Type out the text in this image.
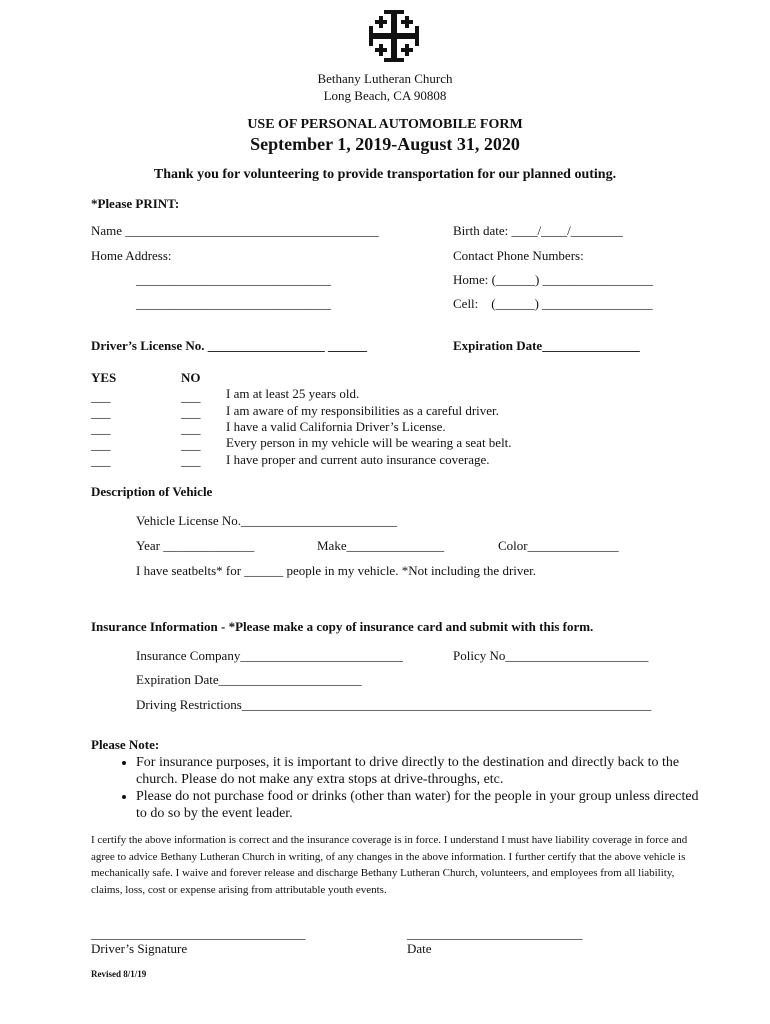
Bethany Lutheran Church
Long Beach, CA 90808
USE OF PERSONAL AUTOMOBILE FORM
September 1, 2019-August 31, 2020
Thank you for volunteering to provide transportation for our planned outing.
*Please PRINT:
Name _______________________________________	Birth date: ____/____/________
Home Address:	Contact Phone Numbers:
______________________________	Home: (______) _________________
______________________________	Cell:    (______) _________________
Driver’s License No. __________________ ______	Expiration Date_______________
YES	NO
___	___ I am at least 25 years old.
___	___ I am aware of my responsibilities as a careful driver.
___	___ I have a valid California Driver’s License.
___	___ Every person in my vehicle will be wearing a seat belt.
___	___ I have proper and current auto insurance coverage.
Description of Vehicle
Vehicle License No.________________________
Year ______________	Make_______________	Color______________
I have seatbelts* for ______ people in my vehicle. *Not including the driver.
Insurance Information - *Please make a copy of insurance card and submit with this form.
Insurance Company_________________________	Policy No______________________
Expiration Date______________________
Driving Restrictions_______________________________________________________________
Please Note:
• For insurance purposes, it is important to drive directly to the destination and directly back to the church. Please do not make any extra stops at drive-throughs, etc.
• Please do not purchase food or drinks (other than water) for the people in your group unless directed to do so by the event leader.
I certify the above information is correct and the insurance coverage is in force. I understand I must have liability coverage in force and agree to advice Bethany Lutheran Church in writing, of any changes in the above information. I further certify that the above vehicle is mechanically safe. I waive and forever release and discharge Bethany Lutheran Church, volunteers, and employees from all liability, claims, loss, cost or expense arising from attributable youth events.
_________________________________	___________________________
Driver’s Signature	Date
Revised 8/1/19
